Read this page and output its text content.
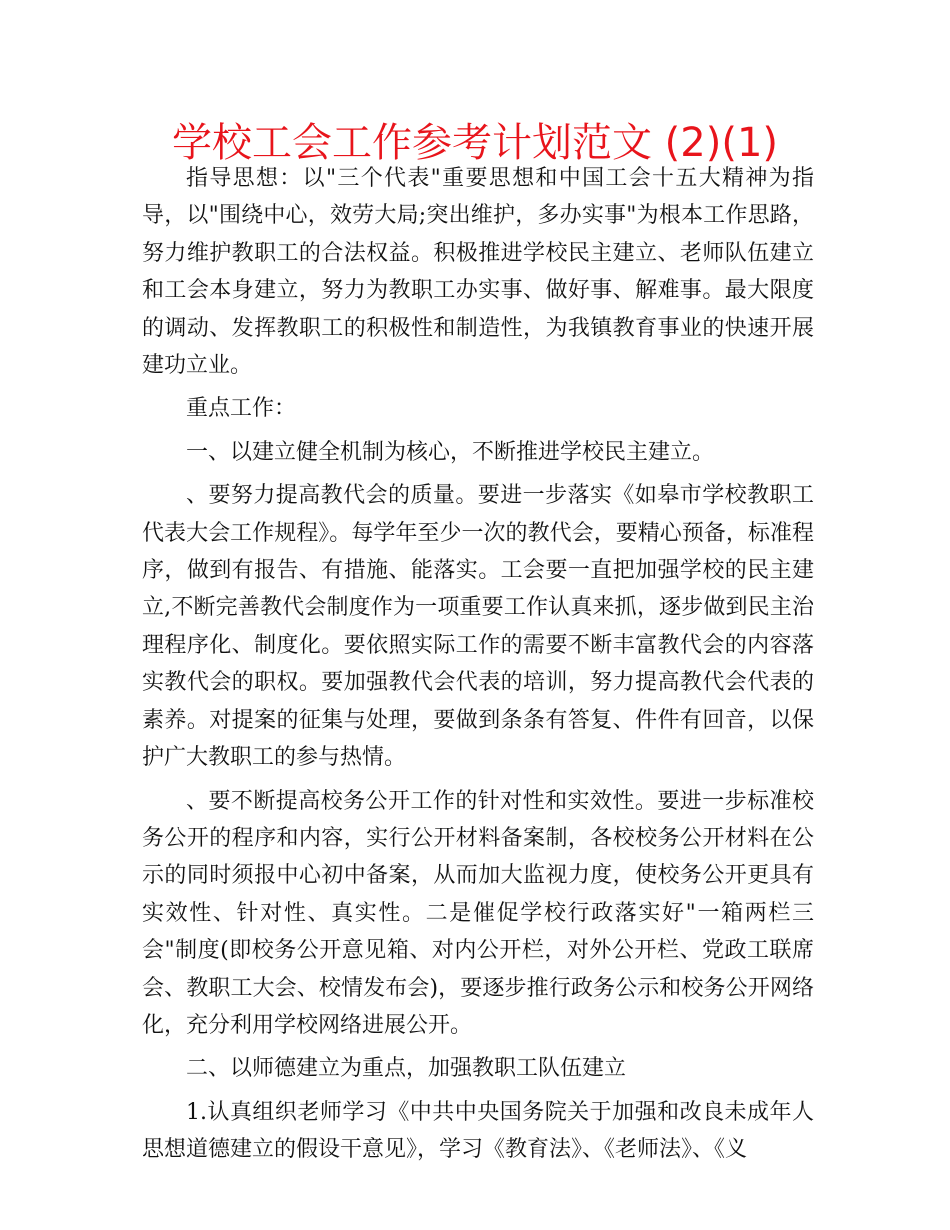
学校工会工作参考计划范文 (2)(1)

指导思想：以"三个代表"重要思想和中国工会十五大精神为指导，以"围绕中心，效劳大局;突出维护，多办实事"为根本工作思路，努力维护教职工的合法权益。积极推进学校民主建立、老师队伍建立和工会本身建立，努力为教职工办实事、做好事、解难事。最大限度的调动、发挥教职工的积极性和制造性，为我镇教育事业的快速开展建功立业。

重点工作：

一、以建立健全机制为核心，不断推进学校民主建立。

、要努力提高教代会的质量。要进一步落实《如皋市学校教职工代表大会工作规程》。每学年至少一次的教代会，要精心预备，标准程序，做到有报告、有措施、能落实。工会要一直把加强学校的民主建立,不断完善教代会制度作为一项重要工作认真来抓，逐步做到民主治理程序化、制度化。要依照实际工作的需要不断丰富教代会的内容落实教代会的职权。要加强教代会代表的培训，努力提高教代会代表的素养。对提案的征集与处理，要做到条条有答复、件件有回音，以保护广大教职工的参与热情。

、要不断提高校务公开工作的针对性和实效性。要进一步标准校务公开的程序和内容，实行公开材料备案制，各校校务公开材料在公示的同时须报中心初中备案，从而加大监视力度，使校务公开更具有实效性、针对性、真实性。二是催促学校行政落实好"一箱两栏三会"制度(即校务公开意见箱、对内公开栏，对外公开栏、党政工联席会、教职工大会、校情发布会)，要逐步推行政务公示和校务公开网络化，充分利用学校网络进展公开。

二、以师德建立为重点，加强教职工队伍建立

1.认真组织老师学习《中共中央国务院关于加强和改良未成年人思想道德建立的假设干意见》，学习《教育法》、《老师法》、《义
